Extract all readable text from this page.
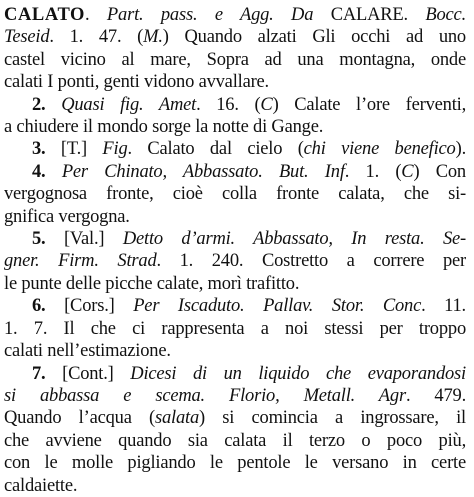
CALATO. Part. pass. e Agg. Da CALARE. Bocc.
Teseid. 1. 47. (M.) Quando alzati Gli occhi ad uno
castel vicino al mare, Sopra ad una montagna, onde
calati I ponti, genti vidono avvallare.
2. Quasi fig. Amet. 16. (C) Calate l’ore ferventi,
a chiudere il mondo sorge la notte di Gange.
3. [T.] Fig. Calato dal cielo (chi viene benefico).
4. Per Chinato, Abbassato. But. Inf. 1. (C) Con
vergognosa fronte, cioè colla fronte calata, che si-
gnifica vergogna.
5. [Val.] Detto d’armi. Abbassato, In resta. Se-
gner. Firm. Strad. 1. 240. Costretto a correre per
le punte delle picche calate, morì trafitto.
6. [Cors.] Per Iscaduto. Pallav. Stor. Conc. 11.
1. 7. Il che ci rappresenta a noi stessi per troppo
calati nell’estimazione.
7. [Cont.] Dicesi di un liquido che evaporandosi
si abbassa e scema. Florio, Metall. Agr. 479.
Quando l’acqua (salata) si comincia a ingrossare, il
che avviene quando sia calata il terzo o poco più,
con le molle pigliando le pentole le versano in certe
caldaiette.
